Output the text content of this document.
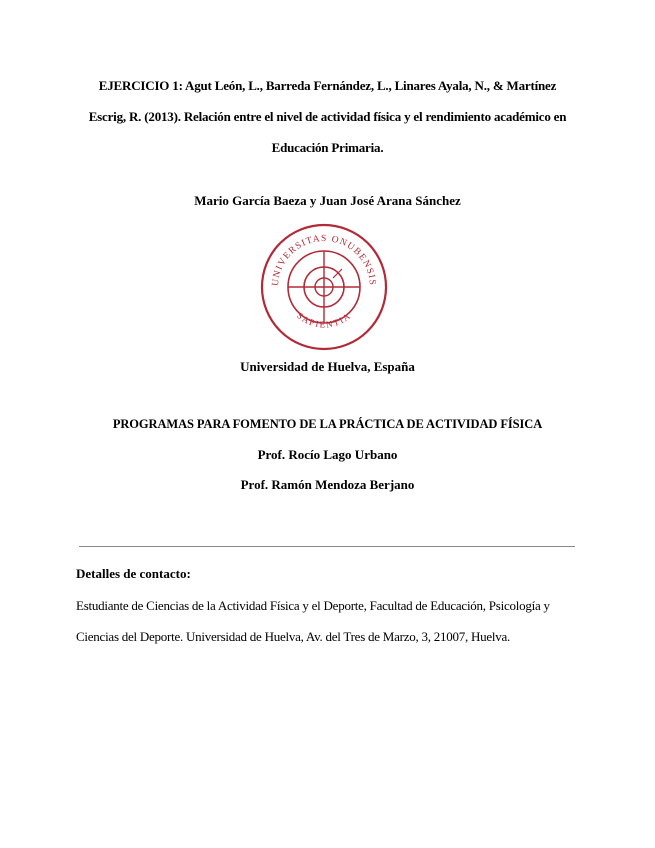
EJERCICIO 1: Agut León, L., Barreda Fernández, L., Linares Ayala, N., & Martínez
Escrig, R. (2013). Relación entre el nivel de actividad física y el rendimiento académico en
Educación Primaria.
Mario García Baeza y Juan José Arana Sánchez
UNIVERSITAS ONUBENSIS
SAPIENTIA
Universidad de Huelva, España
PROGRAMAS PARA FOMENTO DE LA PRÁCTICA DE ACTIVIDAD FÍSICA
Prof. Rocío Lago Urbano
Prof. Ramón Mendoza Berjano
Detalles de contacto:
Estudiante de Ciencias de la Actividad Física y el Deporte, Facultad de Educación, Psicología y
Ciencias del Deporte. Universidad de Huelva, Av. del Tres de Marzo, 3, 21007, Huelva.
